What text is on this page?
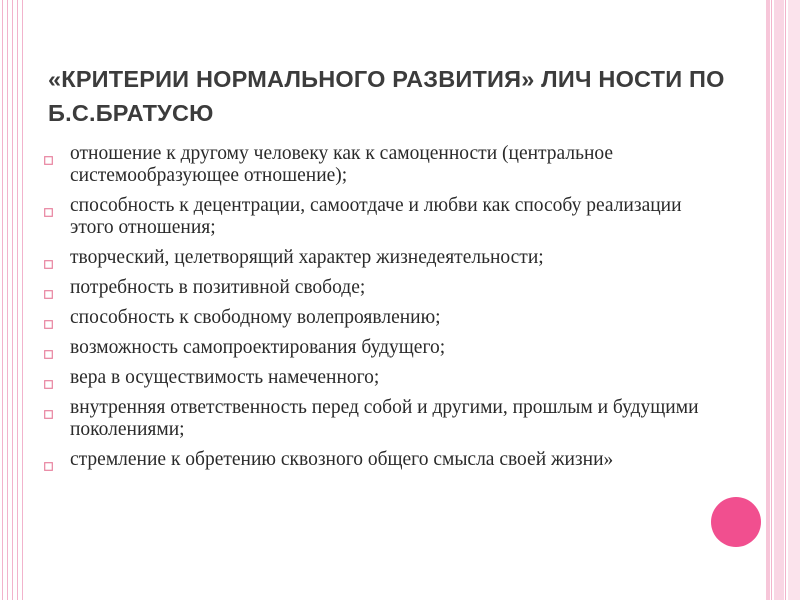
«КРИТЕРИИ НОРМАЛЬНОГО РАЗВИТИЯ» ЛИЧ НОСТИ ПО Б.С.БРАТУСЮ
отношение к другому человеку как к самоценности (центральное системообразующее отношение);
способность к децентрации, самоотдаче и любви как способу реализации этого отношения;
творческий, целетворящий характер жизнедеятельности;
потребность в позитивной свободе;
способность к свободному волепроявлению;
возможность самопроектирования будущего;
вера в осуществимость намеченного;
внутренняя ответственность перед собой и другими, прошлым и будущими поколениями;
стремление к обретению сквозного общего смысла своей жизни»
